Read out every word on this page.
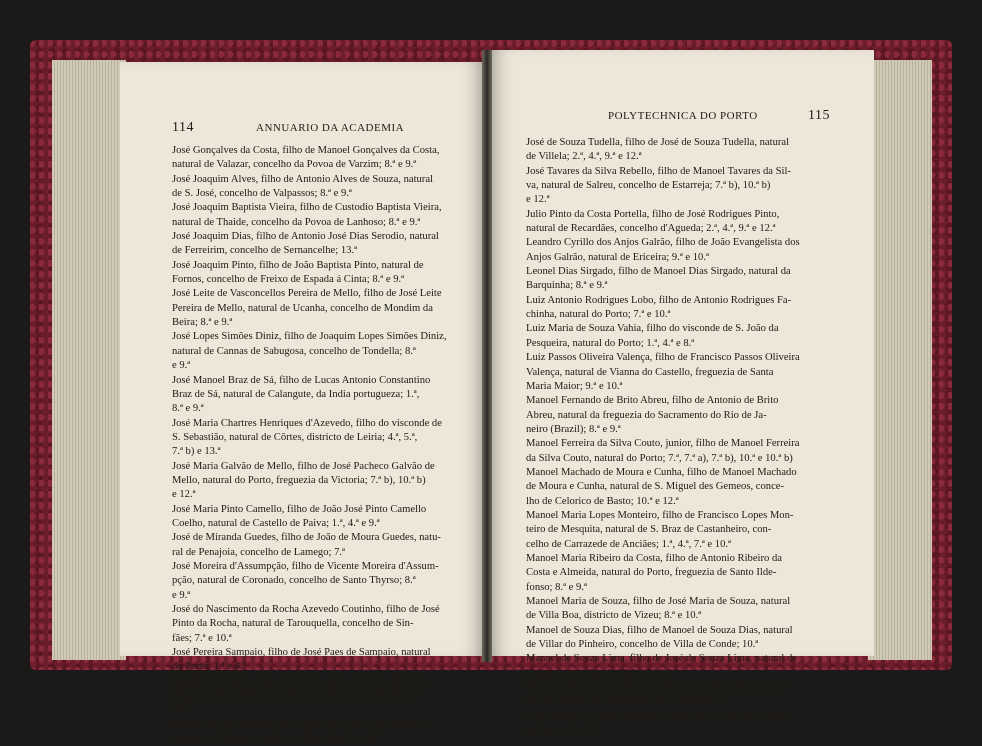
114	ANNUARIO DA ACADEMIA

José Gonçalves da Costa, filho de Manoel Gonçalves da Costa,
natural de Valazar, concelho da Povoa de Varzim; 8.ª e 9.ª

José Joaquim Alves, filho de Antonio Alves de Souza, natural
de S. José, concelho de Valpassos; 8.ª e 9.ª

José Joaquim Baptista Vieira, filho de Custodio Baptista Vieira,
natural de Thaide, concelho da Povoa de Lanhoso; 8.ª e 9.ª

José Joaquim Dias, filho de Antonio José Dias Serodio, natural
de Ferreirim, concelho de Sernancelhe; 13.ª

José Joaquim Pinto, filho de João Baptista Pinto, natural de
Fornos, concelho de Freixo de Espada á Cinta; 8.ª e 9.ª

José Leite de Vasconcellos Pereira de Mello, filho de José Leite
Pereira de Mello, natural de Ucanha, concelho de Mondim da
Beira; 8.ª e 9.ª

José Lopes Simões Diniz, filho de Joaquim Lopes Simões Diniz,
natural de Cannas de Sabugosa, concelho de Tondella; 8.ª
e 9.ª

José Manoel Braz de Sá, filho de Lucas Antonio Constantino
Braz de Sá, natural de Calangute, da India portugueza; 1.ª,
8.ª e 9.ª

José Maria Chartres Henriques d'Azevedo, filho do visconde de
S. Sebastião, natural de Côrtes, districto de Leiria; 4.ª, 5.ª,
7.ª b) e 13.ª

José Maria Galvão de Mello, filho de José Pacheco Galvão de
Mello, natural do Porto, freguezia da Victoria; 7.ª b), 10.ª b)
e 12.ª

José Maria Pinto Camello, filho de João José Pinto Camello
Coelho, natural de Castello de Paiva; 1.ª, 4.ª e 9.ª

José de Miranda Guedes, filho de João de Moura Guedes, natu-
ral de Penajoia, concelho de Lamego; 7.ª

José Moreira d'Assumpção, filho de Vicente Moreira d'Assum-
pção, natural de Coronado, concelho de Santo Thyrso; 8.ª
e 9.ª

José do Nascimento da Rocha Azevedo Coutinho, filho de José
Pinto da Rocha, natural de Tarouquella, concelho de Sin-
fães; 7.ª e 10.ª

José Pereira Sampaio, filho de José Paes de Sampaio, natural
do Porto; 1.ª e 4.ª

José Pinto Novaes, filho de Antonio Pinto da Costa Moreira,
natural de Villa Nova de Famalicão, districto de Braga; 8.ª
e 9.ª

José Rodrigues Moreira, filho de Antonio Rodrigues Moreira,
natural de Mouriz, concelho de Paredes; 8.ª e 9.ª

POLYTECHNICA DO PORTO	115

José de Souza Tudella, filho de José de Souza Tudella, natural
de Villela; 2.ª, 4.ª, 9.ª e 12.ª

José Tavares da Silva Rebello, filho de Manoel Tavares da Sil-
va, natural de Salreu, concelho de Estarreja; 7.ª b), 10.ª b)
e 12.ª

Julio Pinto da Costa Portella, filho de José Rodrigues Pinto,
natural de Recardães, concelho d'Agueda; 2.ª, 4.ª, 9.ª e 12.ª

Leandro Cyrillo dos Anjos Galrão, filho de João Evangelista dos
Anjos Galrão, natural de Ericeira; 9.ª e 10.ª

Leonel Dias Sirgado, filho de Manoel Dias Sirgado, natural da
Barquinha; 8.ª e 9.ª

Luiz Antonio Rodrigues Lobo, filho de Antonio Rodrigues Fa-
chinha, natural do Porto; 7.ª e 10.ª

Luiz Maria de Souza Vahia, filho do visconde de S. João da
Pesqueira, natural do Porto; 1.ª, 4.ª e 8.ª

Luiz Passos Oliveira Valença, filho de Francisco Passos Oliveira
Valença, natural de Vianna do Castello, freguezia de Santa
Maria Maior; 9.ª e 10.ª

Manoel Fernando de Brito Abreu, filho de Antonio de Brito
Abreu, natural da freguezia do Sacramento do Rio de Ja-
neiro (Brazil); 8.ª e 9.ª

Manoel Ferreira da Silva Couto, junior, filho de Manoel Ferreira
da Silva Couto, natural do Porto; 7.ª, 7.ª a), 7.ª b), 10.ª e 10.ª b)

Manoel Machado de Moura e Cunha, filho de Manoel Machado
de Moura e Cunha, natural de S. Miguel des Gemeos, conce-
lho de Celorico de Basto; 10.ª e 12.ª

Manoel Maria Lopes Monteiro, filho de Francisco Lopes Mon-
teiro de Mesquita, natural de S. Braz de Castanheiro, con-
celho de Carrazede de Anciães; 1.ª, 4.ª, 7.ª e 10.ª

Manoel Maria Ribeiro da Costa, filho de Antonio Ribeiro da
Costa e Almeida, natural do Porto, freguezia de Santo Ilde-
fonso; 8.ª e 9.ª

Manoel Maria de Souza, filho de José Maria de Souza, natural
de Villa Boa, districto de Vizeu; 8.ª e 10.ª

Manoel de Souza Dias, filho de Manoel de Souza Dias, natural
de Villar do Pinheiro, concelho de Villa de Conde; 10.ª

Manoel de Souza Lima, filho de José de Souza Lima, natural de
Folgosa, concelho da Maia; 8.ª e 9.ª

Maximiano Bernardes Pereira, filho de Antonio Bernardes Pe-
reira, natural do Pezo da Regoa; 7.ª, 10.ª e 12.ª

Pedro Nunes de Souza, filho de João Nunes de Souza, natural
do Porto; 8.ª e 9.ª
